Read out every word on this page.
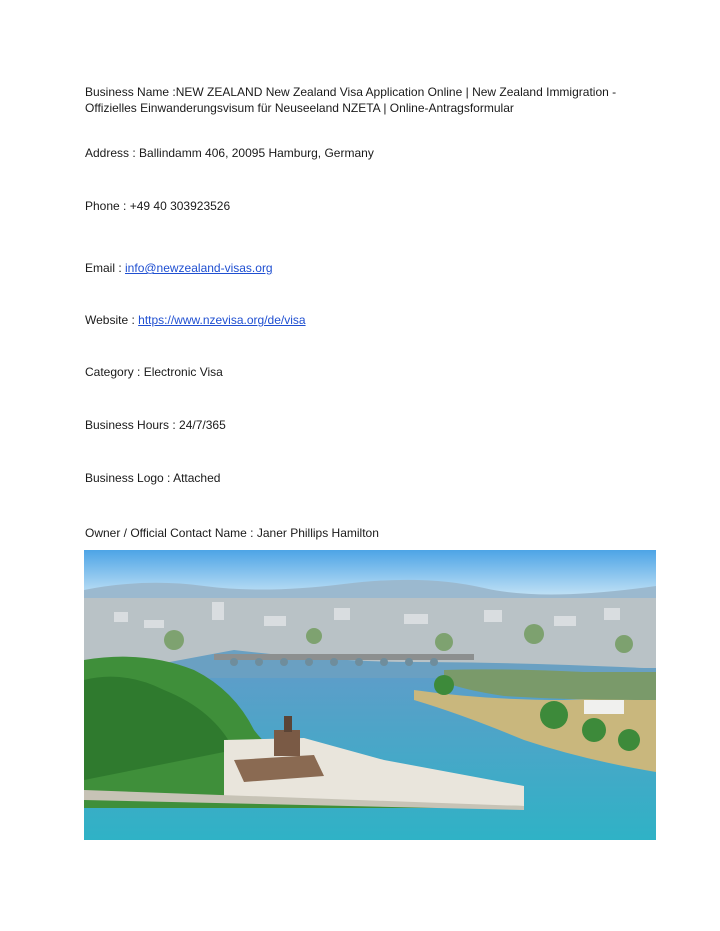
Business Name :NEW ZEALAND New Zealand Visa Application Online | New Zealand Immigration -
Offizielles Einwanderungsvisum für Neuseeland NZETA | Online-Antragsformular
Address : Ballindamm 406, 20095 Hamburg, Germany
Phone : +49 40 303923526
Email : info@newzealand-visas.org
Website : https://www.nzevisa.org/de/visa
Category : Electronic Visa
Business Hours : 24/7/365
Business Logo : Attached
Owner / Official Contact Name : Janer Phillips Hamilton
